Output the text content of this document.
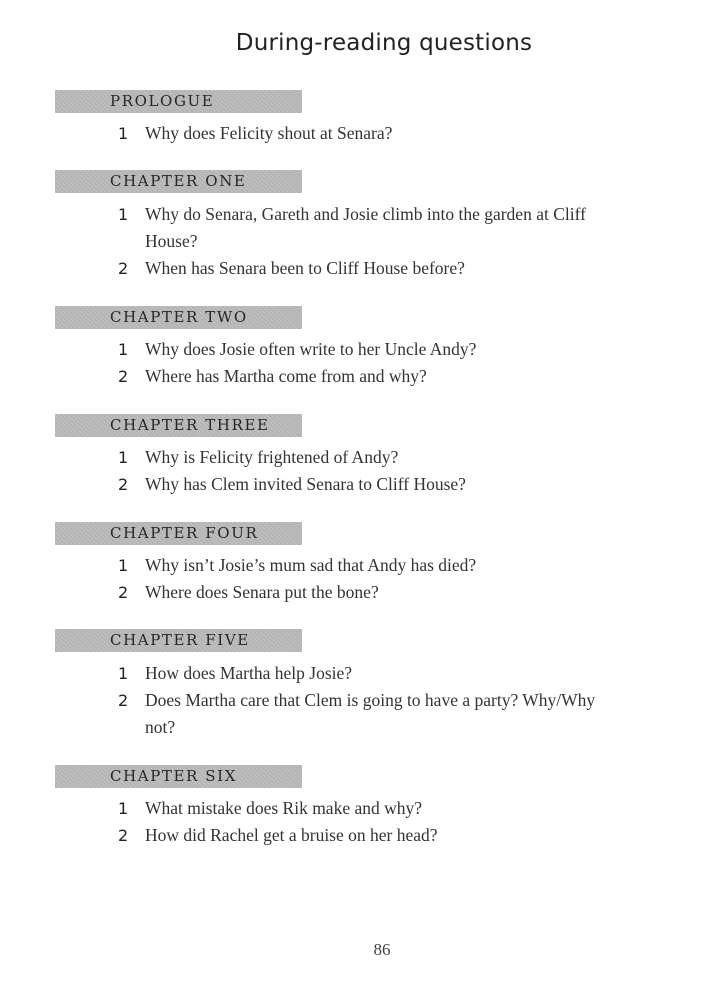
During-reading questions
PROLOGUE
1 Why does Felicity shout at Senara?
CHAPTER ONE
1 Why do Senara, Gareth and Josie climb into the garden at Cliff House?
2 When has Senara been to Cliff House before?
CHAPTER TWO
1 Why does Josie often write to her Uncle Andy?
2 Where has Martha come from and why?
CHAPTER THREE
1 Why is Felicity frightened of Andy?
2 Why has Clem invited Senara to Cliff House?
CHAPTER FOUR
1 Why isn’t Josie’s mum sad that Andy has died?
2 Where does Senara put the bone?
CHAPTER FIVE
1 How does Martha help Josie?
2 Does Martha care that Clem is going to have a party? Why/Why not?
CHAPTER SIX
1 What mistake does Rik make and why?
2 How did Rachel get a bruise on her head?
86
